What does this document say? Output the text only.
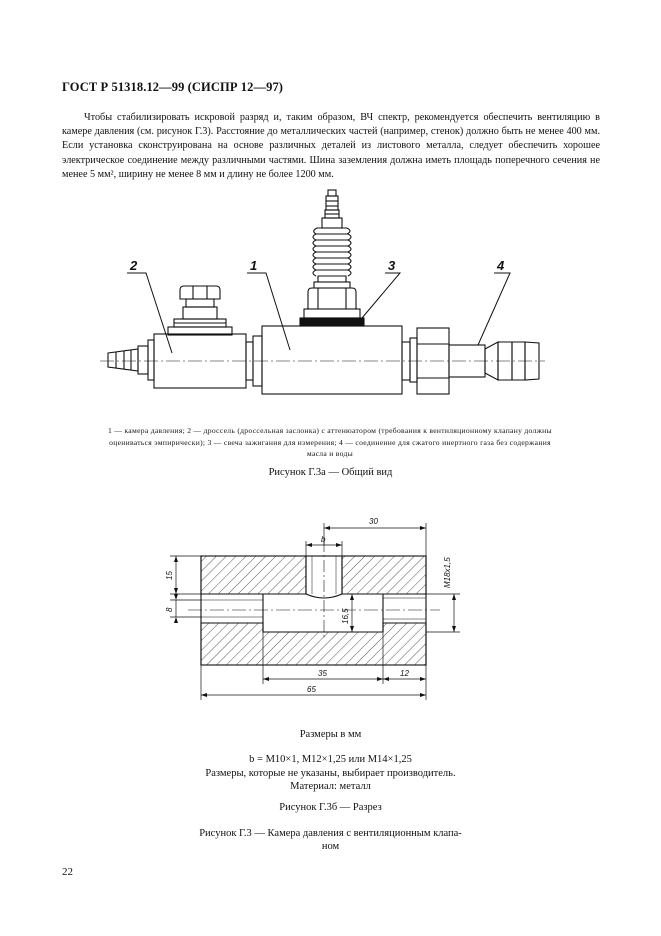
ГОСТ Р 51318.12—99 (СИСПР 12—97)

Чтобы стабилизировать искровой разряд и, таким образом, ВЧ спектр, рекомендуется обеспечить вентиляцию в камере давления (см. рисунок Г.3). Расстояние до металлических частей (например, стенок) должно быть не менее 400 мм. Если установка сконструирована на основе различных деталей из листового металла, следует обеспечить хорошее электрическое соединение между различными частями. Шина заземления должна иметь площадь поперечного сечения не менее 5 мм², ширину не менее 8 мм и длину не более 1200 мм.

2	1	3	4
1 — камера давления; 2 — дроссель (дроссельная заслонка) с аттенюатором (требования к вентиляционному клапану должны оцениваться эмпирически); 3 — свеча зажигания для измерения; 4 — соединение для сжатого инертного газа без содержания масла и воды
Рисунок Г.3а — Общий вид
30
b
15
8	16,5
M18x1,5
35	12
65
Размеры в мм
b = M10×1, M12×1,25 или M14×1,25
Размеры, которые не указаны, выбирает производитель.
Материал: металл
Рисунок Г.3б — Разрез
Рисунок Г.3 — Камера давления с вентиляционным клапа-
ном
22
